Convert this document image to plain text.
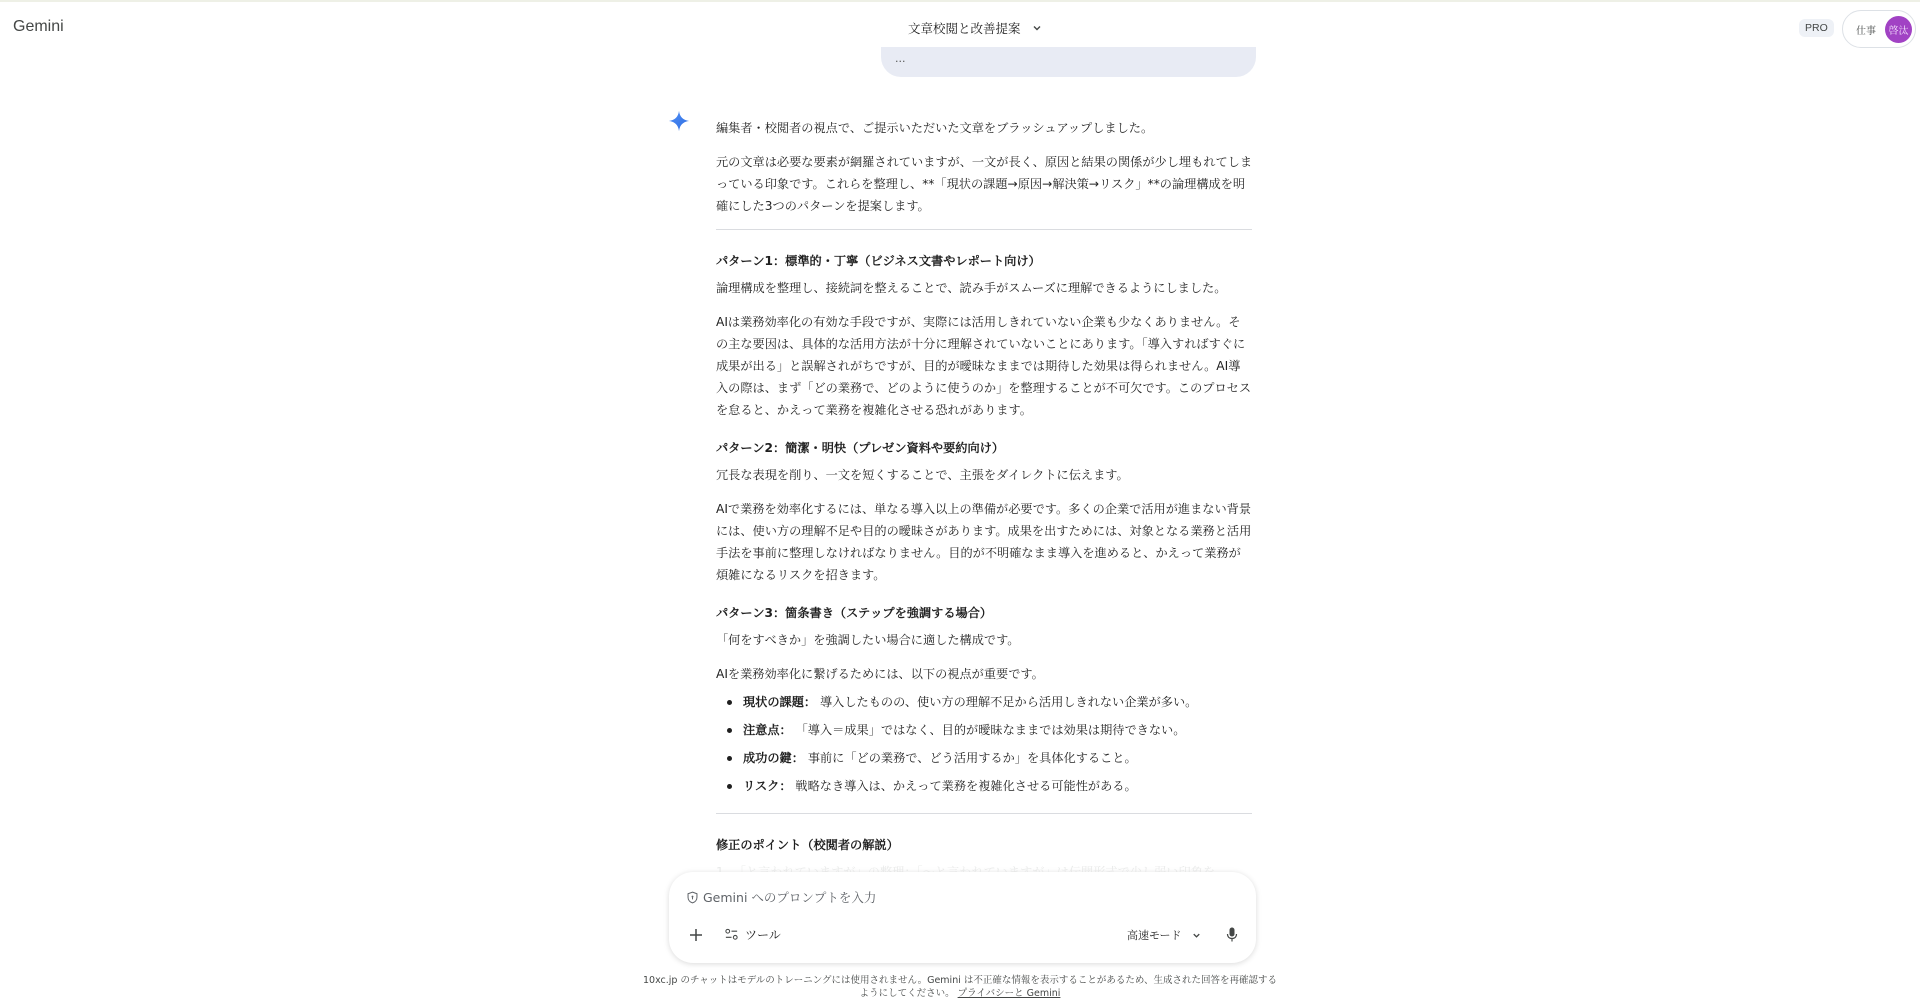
Gemini	文章校閲と改善提案	PRO	仕事	啓汰
...

編集者・校閲者の視点で、ご提示いただいた文章をブラッシュアップしました。

元の文章は必要な要素が網羅されていますが、一文が長く、原因と結果の関係が少し埋もれてしまっている印象です。これらを整理し、**「現状の課題→原因→解決策→リスク」**の論理構成を明確にした3つのパターンを提案します。

パターン1：標準的・丁寧（ビジネス文書やレポート向け）

論理構成を整理し、接続詞を整えることで、読み手がスムーズに理解できるようにしました。

AIは業務効率化の有効な手段ですが、実際には活用しきれていない企業も少なくありません。その主な要因は、具体的な活用方法が十分に理解されていないことにあります。「導入すればすぐに成果が出る」と誤解されがちですが、目的が曖昧なままでは期待した効果は得られません。AI導入の際は、まず「どの業務で、どのように使うのか」を整理することが不可欠です。このプロセスを怠ると、かえって業務を複雑化させる恐れがあります。

パターン2：簡潔・明快（プレゼン資料や要約向け）

冗長な表現を削り、一文を短くすることで、主張をダイレクトに伝えます。

AIで業務を効率化するには、単なる導入以上の準備が必要です。多くの企業で活用が進まない背景には、使い方の理解不足や目的の曖昧さがあります。成果を出すためには、対象となる業務と活用手法を事前に整理しなければなりません。目的が不明確なまま導入を進めると、かえって業務が煩雑になるリスクを招きます。

パターン3：箇条書き（ステップを強調する場合）

「何をすべきか」を強調したい場合に適した構成です。

AIを業務効率化に繋げるためには、以下の視点が重要です。

現状の課題： 導入したものの、使い方の理解不足から活用しきれない企業が多い。
注意点： 「導入＝成果」ではなく、目的が曖昧なままでは効果は期待できない。
成功の鍵： 事前に「どの業務で、どう活用するか」を具体化すること。
リスク： 戦略なき導入は、かえって業務を複雑化させる可能性がある。
修正のポイント（校閲者の解説）

Gemini へのプロンプトを入力
ツール	高速モード
10xc.jp のチャットはモデルのトレーニングには使用されません。Gemini は不正確な情報を表示することがあるため、生成された回答を再確認するようにしてください。 プライバシーと Gemini
